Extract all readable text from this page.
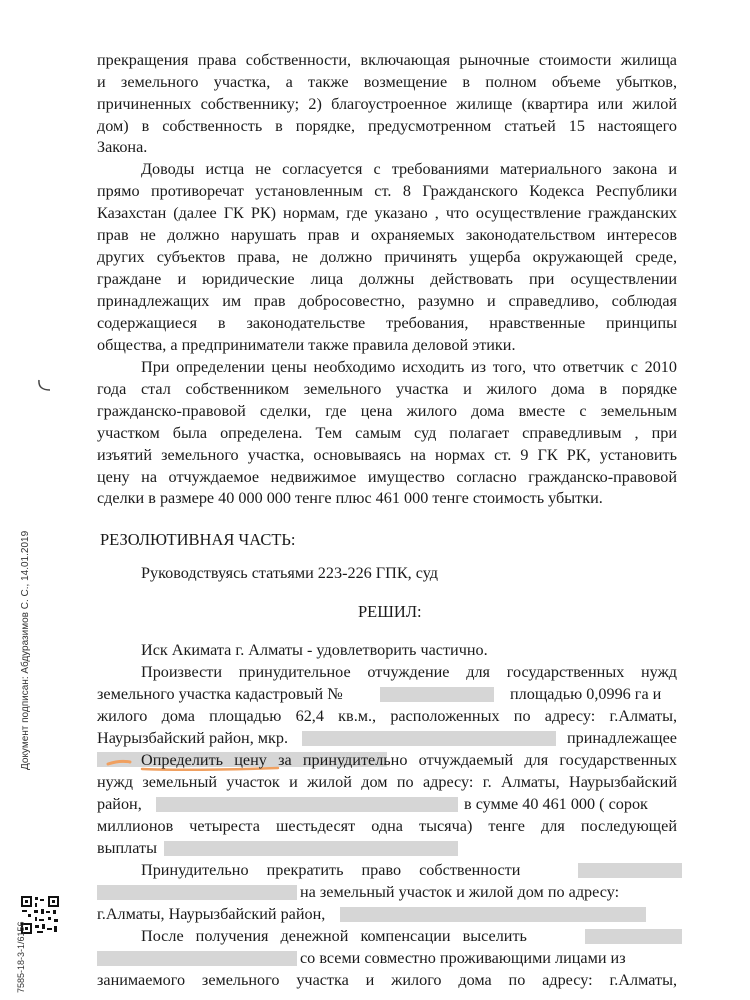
прекращения права собственности, включающая рыночные стоимости жилища
и земельного участка, а также возмещение в полном объеме убытков,
причиненных собственнику; 2) благоустроенное жилище (квартира или жилой
дом) в собственность в порядке, предусмотренном статьей 15 настоящего
Закона.
Доводы истца не согласуется с требованиями материального закона и
прямо противоречат установленным ст. 8 Гражданского Кодекса Республики
Казахстан (далее ГК РК) нормам, где указано , что осуществление гражданских
прав не должно нарушать прав и охраняемых законодательством интересов
других субъектов права, не должно причинять ущерба окружающей среде,
граждане и юридические лица должны действовать при осуществлении
принадлежащих им прав добросовестно, разумно и справедливо, соблюдая
содержащиеся в законодательстве требования, нравственные принципы
общества, а предприниматели также правила деловой этики.
При определении цены необходимо исходить из того, что ответчик с 2010
года стал собственником земельного участка и жилого дома в порядке
гражданско-правовой сделки, где цена жилого дома вместе с земельным
участком была определена. Тем самым суд полагает справедливым , при
изъятий земельного участка, основываясь на нормах ст. 9 ГК РК, установить
цену на отчуждаемое недвижимое имущество согласно гражданско-правовой
сделки в размере 40 000 000 тенге плюс 461 000 тенге стоимость убытки.
РЕЗОЛЮТИВНАЯ ЧАСТЬ:
Руководствуясь статьями 223-226 ГПК, суд
РЕШИЛ:
Иск Акимата г. Алматы - удовлетворить частично.
Произвести принудительное отчуждение для государственных нужд
земельного участка кадастровый №	площадью 0,0996 га и
жилого дома площадью 62,4 кв.м., расположенных по адресу: г.Алматы,
Наурызбайский район, мкр.	принадлежащее
Определить цену за принудительно отчуждаемый для государственных
нужд земельный участок и жилой дом по адресу: г. Алматы, Наурызбайский
район,	в сумме 40 461 000 ( сорок
миллионов четыреста шестьдесят одна тысяча) тенге для последующей
выплаты
Принудительно прекратить право собственности
на земельный участок и жилой дом по адресу:
г.Алматы, Наурызбайский район,
После получения денежной компенсации выселить
со всеми совместно проживающими лицами из
занимаемого земельного участка и жилого дома по адресу: г.Алматы,
Документ подписан: Абдуразимов С. С., 14.01.2019
7585-18-3-1/6156
